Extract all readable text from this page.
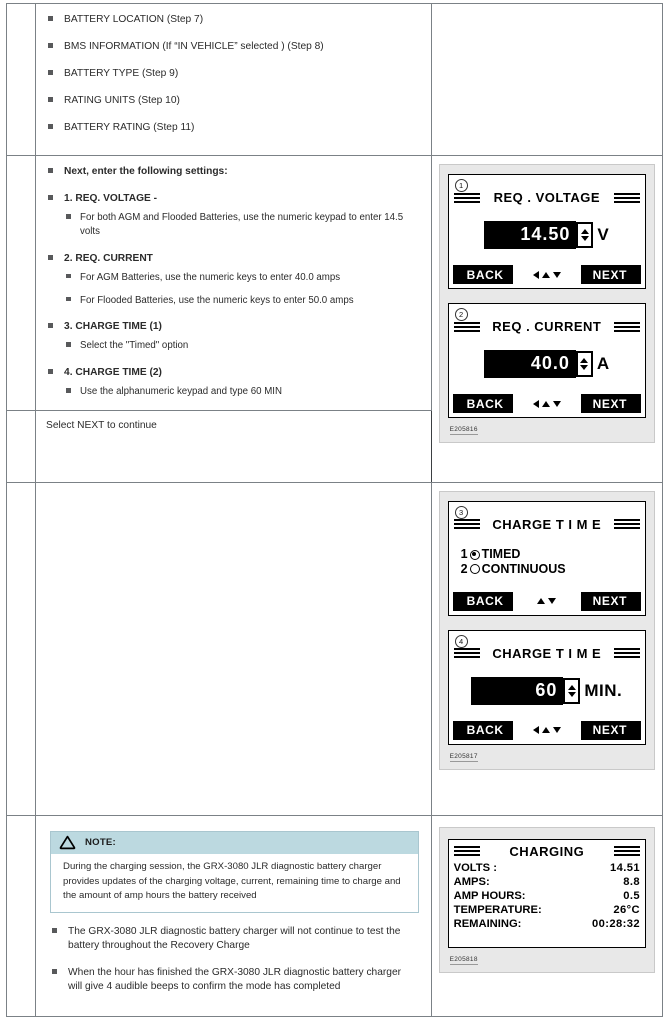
BATTERY LOCATION (Step 7)
BMS INFORMATION (If “IN VEHICLE” selected ) (Step 8)
BATTERY TYPE (Step 9)
RATING UNITS (Step 10)
BATTERY RATING (Step 11)

Next, enter the following settings:
1. REQ. VOLTAGE -
For both AGM and Flooded Batteries, use the numeric keypad to enter 14.5 volts
2. REQ. CURRENT
For AGM Batteries, use the numeric keys to enter 40.0 amps
For Flooded Batteries, use the numeric keys to enter 50.0 amps
3. CHARGE TIME (1)
Select the "Timed" option
4. CHARGE TIME (2)
Use the alphanumeric keypad and type 60 MIN

1
REQ . VOLTAGE
14.50	V
BACK	NEXT
2
REQ . CURRENT
40.0	A
BACK	NEXT
E205816

	Select NEXT to continue	

3
CHARGE T I M E
1 TIMED
2 CONTINUOUS
BACK	NEXT
4
CHARGE T I M E
60	MIN.
BACK	NEXT
E205817

NOTE:
During the charging session, the GRX-3080 JLR diagnostic battery charger provides updates of the charging voltage, current, remaining time to charge and the amount of amp hours the battery received
The GRX-3080 JLR diagnostic battery charger will not continue to test the battery throughout the Recovery Charge
When the hour has finished the GRX-3080 JLR diagnostic battery charger will give 4 audible beeps to confirm the mode has completed

CHARGING
VOLTS :	14.51
AMPS:	8.8
AMP HOURS:	0.5
TEMPERATURE:	26°C
REMAINING:	00:28:32
E205818
